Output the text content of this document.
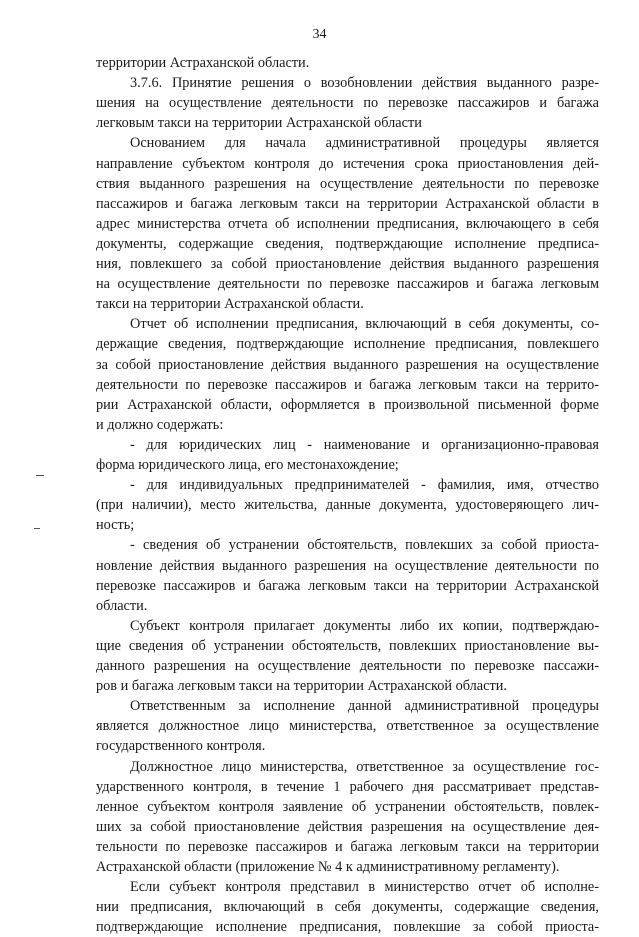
34
территории Астраханской области.
3.7.6. Принятие решения о возобновлении действия выданного разре-
шения на осуществление деятельности по перевозке пассажиров и багажа
легковым такси на территории Астраханской области
Основанием для начала административной процедуры является
направление субъектом контроля до истечения срока приостановления дей-
ствия выданного разрешения на осуществление деятельности по перевозке
пассажиров и багажа легковым такси на территории Астраханской области в
адрес министерства отчета об исполнении предписания, включающего в себя
документы, содержащие сведения, подтверждающие исполнение предписа-
ния, повлекшего за собой приостановление действия выданного разрешения
на осуществление деятельности по перевозке пассажиров и багажа легковым
такси на территории Астраханской области.
Отчет об исполнении предписания, включающий в себя документы, со-
держащие сведения, подтверждающие исполнение предписания, повлекшего
за собой приостановление действия выданного разрешения на осуществление
деятельности по перевозке пассажиров и багажа легковым такси на террито-
рии Астраханской области, оформляется в произвольной письменной форме
и должно содержать:
- для юридических лиц - наименование и организационно-правовая
форма юридического лица, его местонахождение;
- для индивидуальных предпринимателей - фамилия, имя, отчество
(при наличии), место жительства, данные документа, удостоверяющего лич-
ность;
- сведения об устранении обстоятельств, повлекших за собой приоста-
новление действия выданного разрешения на осуществление деятельности по
перевозке пассажиров и багажа легковым такси на территории Астраханской
области.
Субъект контроля прилагает документы либо их копии, подтверждаю-
щие сведения об устранении обстоятельств, повлекших приостановление вы-
данного разрешения на осуществление деятельности по перевозке пассажи-
ров и багажа легковым такси на территории Астраханской области.
Ответственным за исполнение данной административной процедуры
является должностное лицо министерства, ответственное за осуществление
государственного контроля.
Должностное лицо министерства, ответственное за осуществление гос-
ударственного контроля, в течение 1 рабочего дня рассматривает представ-
ленное субъектом контроля заявление об устранении обстоятельств, повлек-
ших за собой приостановление действия разрешения на осуществление дея-
тельности по перевозке пассажиров и багажа легковым такси на территории
Астраханской области (приложение № 4 к административному регламенту).
Если субъект контроля представил в министерство отчет об исполне-
нии предписания, включающий в себя документы, содержащие сведения,
подтверждающие исполнение предписания, повлекшие за собой приоста-
